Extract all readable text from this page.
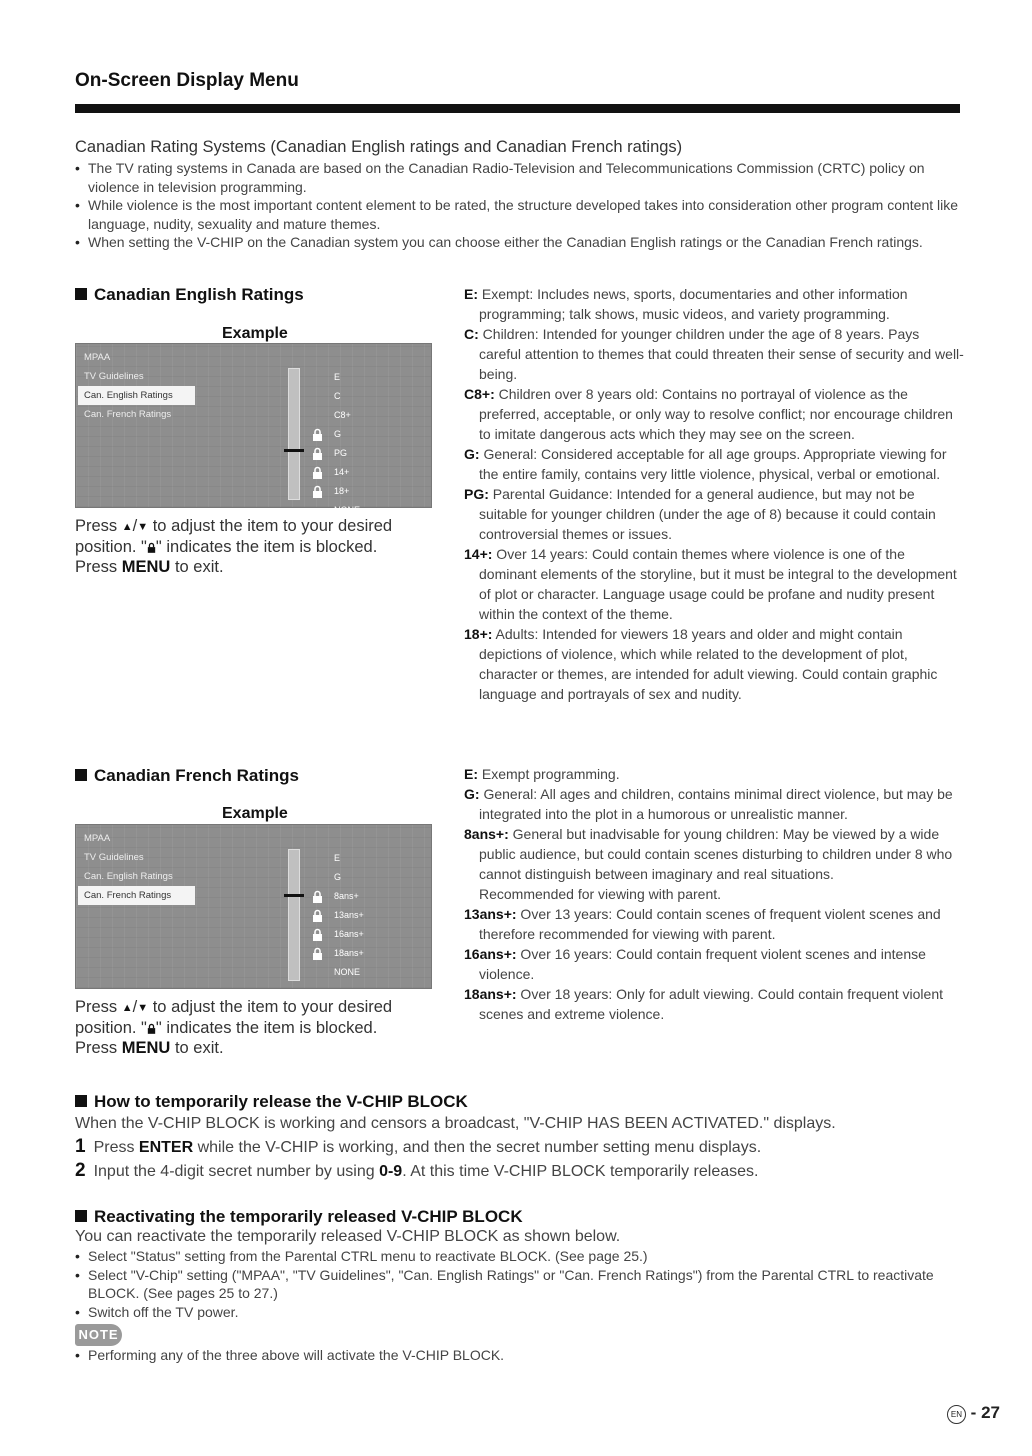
On-Screen Display Menu
Canadian Rating Systems (Canadian English ratings and Canadian French ratings)
• The TV rating systems in Canada are based on the Canadian Radio-Television and Telecommunications Commission (CRTC) policy on violence in television programming.
• While violence is the most important content element to be rated, the structure developed takes into consideration other program content like language, nudity, sexuality and mature themes.
• When setting the V-CHIP on the Canadian system you can choose either the Canadian English ratings or the Canadian French ratings.
Canadian English Ratings
Example
MPAA
TV Guidelines
Can. English Ratings
Can. French Ratings
E
C
C8+
G
PG
14+
18+
NONE
Press ▲/▼ to adjust the item to your desired
position. " " indicates the item is blocked.
Press MENU to exit.
E: Exempt: Includes news, sports, documentaries and other information programming; talk shows, music videos, and variety programming.
C: Children: Intended for younger children under the age of 8 years. Pays careful attention to themes that could threaten their sense of security and well-being.
C8+: Children over 8 years old: Contains no portrayal of violence as the preferred, acceptable, or only way to resolve conflict; nor encourage children to imitate dangerous acts which they may see on the screen.
G: General: Considered acceptable for all age groups. Appropriate viewing for the entire family, contains very little violence, physical, verbal or emotional.
PG: Parental Guidance: Intended for a general audience, but may not be suitable for younger children (under the age of 8) because it could contain controversial themes or issues.
14+: Over 14 years: Could contain themes where violence is one of the dominant elements of the storyline, but it must be integral to the development of plot or character. Language usage could be profane and nudity present within the context of the theme.
18+: Adults: Intended for viewers 18 years and older and might contain depictions of violence, which while related to the development of plot, character or themes, are intended for adult viewing. Could contain graphic language and portrayals of sex and nudity.
Canadian French Ratings
Example
MPAA
TV Guidelines
Can. English Ratings
Can. French Ratings
E
G
8ans+
13ans+
16ans+
18ans+
NONE
Press ▲/▼ to adjust the item to your desired
position. " " indicates the item is blocked.
Press MENU to exit.
E: Exempt programming.
G: General: All ages and children, contains minimal direct violence, but may be integrated into the plot in a humorous or unrealistic manner.
8ans+: General but inadvisable for young children: May be viewed by a wide public audience, but could contain scenes disturbing to children under 8 who cannot distinguish between imaginary and real situations.
Recommended for viewing with parent.
13ans+: Over 13 years: Could contain scenes of frequent violent scenes and therefore recommended for viewing with parent.
16ans+: Over 16 years: Could contain frequent violent scenes and intense violence.
18ans+: Over 18 years: Only for adult viewing. Could contain frequent violent scenes and extreme violence.
How to temporarily release the V-CHIP BLOCK
When the V-CHIP BLOCK is working and censors a broadcast, "V-CHIP HAS BEEN ACTIVATED." displays.
1 Press ENTER while the V-CHIP is working, and then the secret number setting menu displays.
2 Input the 4-digit secret number by using 0-9. At this time V-CHIP BLOCK temporarily releases.
Reactivating the temporarily released V-CHIP BLOCK
You can reactivate the temporarily released V-CHIP BLOCK as shown below.
• Select "Status" setting from the Parental CTRL menu to reactivate BLOCK. (See page 25.)
• Select "V-Chip" setting ("MPAA", "TV Guidelines", "Can. English Ratings" or "Can. French Ratings") from the Parental CTRL to reactivate BLOCK. (See pages 25 to 27.)
• Switch off the TV power.
NOTE
• Performing any of the three above will activate the V-CHIP BLOCK.
EN - 27
